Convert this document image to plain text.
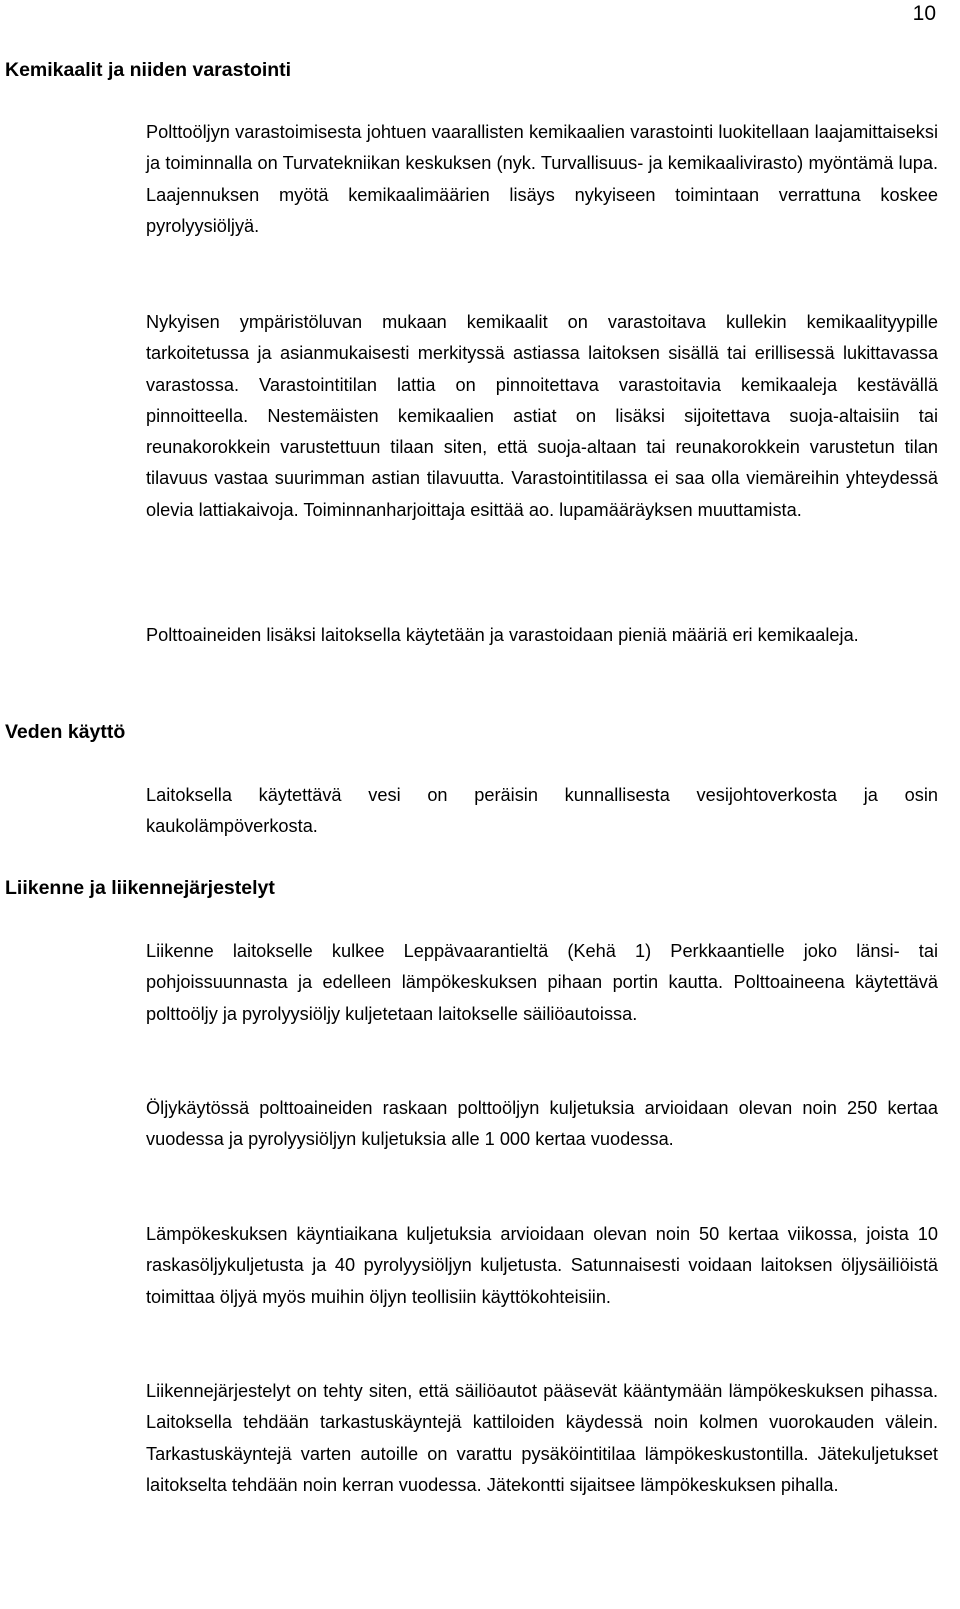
10
Kemikaalit ja niiden varastointi

Polttoöljyn varastoimisesta johtuen vaarallisten kemikaalien varastointi luokitellaan laajamittaiseksi ja toiminnalla on Turvatekniikan keskuksen (nyk. Turvallisuus- ja kemikaalivirasto) myöntämä lupa. Laajennuksen myötä kemikaalimäärien lisäys nykyiseen toimintaan verrattuna koskee pyrolyysiöljyä.

Nykyisen ympäristöluvan mukaan kemikaalit on varastoitava kullekin kemikaalityypille tarkoitetussa ja asianmukaisesti merkityssä astiassa laitoksen sisällä tai erillisessä lukittavassa varastossa. Varastointitilan lattia on pinnoitettava varastoitavia kemikaaleja kestävällä pinnoitteella. Nestemäisten kemikaalien astiat on lisäksi sijoitettava suoja-altaisiin tai reunakorokkein varustettuun tilaan siten, että suoja-altaan tai reunakorokkein varustetun tilan tilavuus vastaa suurimman astian tilavuutta. Varastointitilassa ei saa olla viemäreihin yhteydessä olevia lattiakaivoja. Toiminnanharjoittaja esittää ao. lupamääräyksen muuttamista.

Polttoaineiden lisäksi laitoksella käytetään ja varastoidaan pieniä määriä eri kemikaaleja.

Veden käyttö

Laitoksella käytettävä vesi on peräisin kunnallisesta vesijohtoverkosta ja osin kaukolämpöverkosta.

Liikenne ja liikennejärjestelyt

Liikenne laitokselle kulkee Leppävaarantieltä (Kehä 1) Perkkaantielle joko länsi- tai pohjoissuunnasta ja edelleen lämpökeskuksen pihaan portin kautta. Polttoaineena käytettävä polttoöljy ja pyrolyysiöljy kuljetetaan laitokselle säiliöautoissa.

Öljykäytössä polttoaineiden raskaan polttoöljyn kuljetuksia arvioidaan olevan noin 250 kertaa vuodessa ja pyrolyysiöljyn kuljetuksia alle 1 000 kertaa vuodessa.

Lämpökeskuksen käyntiaikana kuljetuksia arvioidaan olevan noin 50 kertaa viikossa, joista 10 raskasöljykuljetusta ja 40 pyrolyysiöljyn kuljetusta. Satunnaisesti voidaan laitoksen öljysäiliöistä toimittaa öljyä myös muihin öljyn teollisiin käyttökohteisiin.

Liikennejärjestelyt on tehty siten, että säiliöautot pääsevät kääntymään lämpökeskuksen pihassa. Laitoksella tehdään tarkastuskäyntejä kattiloiden käydessä noin kolmen vuorokauden välein. Tarkastuskäyntejä varten autoille on varattu pysäköintitilaa lämpökeskustontilla. Jätekuljetukset laitokselta tehdään noin kerran vuodessa. Jätekontti sijaitsee lämpökeskuksen pihalla.
